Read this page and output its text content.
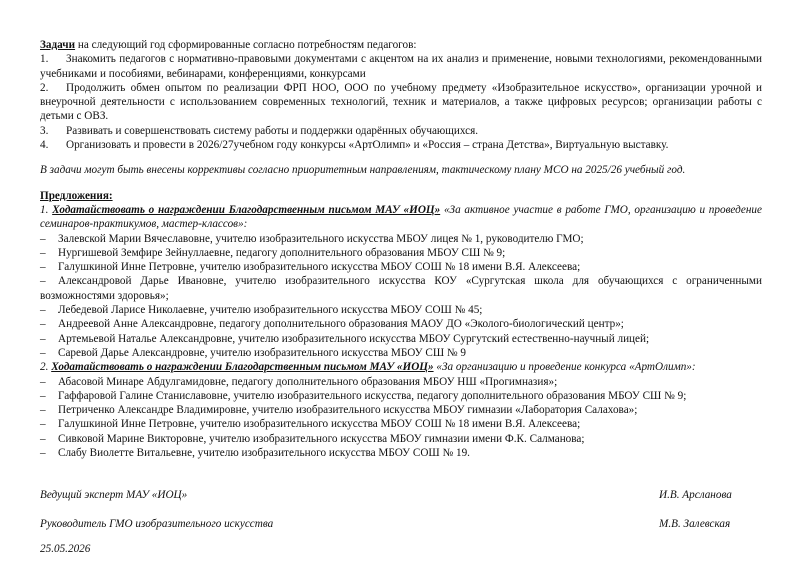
Задачи на следующий год сформированные согласно потребностям педагогов:

1. Знакомить педагогов с нормативно-правовыми документами с акцентом на их анализ и применение, новыми технологиями, рекомендованными учебниками и пособиями, вебинарами, конференциями, конкурсами

2. Продолжить обмен опытом по реализации ФРП НОО, ООО по учебному предмету «Изобразительное искусство», организации урочной и внеурочной деятельности с использованием современных технологий, техник и материалов, а также цифровых ресурсов; организации работы с детьми с ОВЗ.

3. Развивать и совершенствовать систему работы и поддержки одарённых обучающихся.

4. Организовать и провести в 2026/27учебном году конкурсы «АртОлимп» и «Россия – страна Детства», Виртуальную выставку.

В задачи могут быть внесены коррективы согласно приоритетным направлениям, тактическому плану МСО на 2025/26 учебный год.

Предложения:

1. Ходатайствовать о награждении Благодарственным письмом МАУ «ИОЦ» «За активное участие в работе ГМО, организацию и проведение семинаров-практикумов, мастер-классов»:

– Залевской Марии Вячеславовне, учителю изобразительного искусства МБОУ лицея № 1, руководителю ГМО;

– Нургишевой Земфире Зейнуллаевне, педагогу дополнительного образования МБОУ СШ № 9;

– Галушкиной Инне Петровне, учителю изобразительного искусства МБОУ СОШ № 18 имени В.Я. Алексеева;

– Александровой Дарье Ивановне, учителю изобразительного искусства КОУ «Сургутская школа для обучающихся с ограниченными возможностями здоровья»;

– Лебедевой Ларисе Николаевне, учителю изобразительного искусства МБОУ СОШ № 45;

– Андреевой Анне Александровне, педагогу дополнительного образования МАОУ ДО «Эколого-биологический центр»;

– Артемьевой Наталье Александровне, учителю изобразительного искусства МБОУ Сургутский естественно-научный лицей;

– Саревой Дарье Александровне, учителю изобразительного искусства МБОУ СШ № 9

2. Ходатайствовать о награждении Благодарственным письмом МАУ «ИОЦ» «За организацию и проведение конкурса «АртОлимп»:

– Абасовой Минаре Абдулгамидовне, педагогу дополнительного образования МБОУ НШ «Прогимназия»;

– Гаффаровой Галине Станиславовне, учителю изобразительного искусства, педагогу дополнительного образования МБОУ СШ № 9;

– Петриченко Александре Владимировне, учителю изобразительного искусства МБОУ гимназии «Лаборатория Салахова»;

– Галушкиной Инне Петровне, учителю изобразительного искусства МБОУ СОШ № 18 имени В.Я. Алексеева;

– Сивковой Марине Викторовне, учителю изобразительного искусства МБОУ гимназии имени Ф.К. Салманова;

– Слабу Виолетте Витальевне, учителю изобразительного искусства МБОУ СОШ № 19.

Ведущий эксперт МАУ «ИОЦ»	И.В. Арсланова
Руководитель ГМО изобразительного искусства	М.В. Залевская

25.05.2026
